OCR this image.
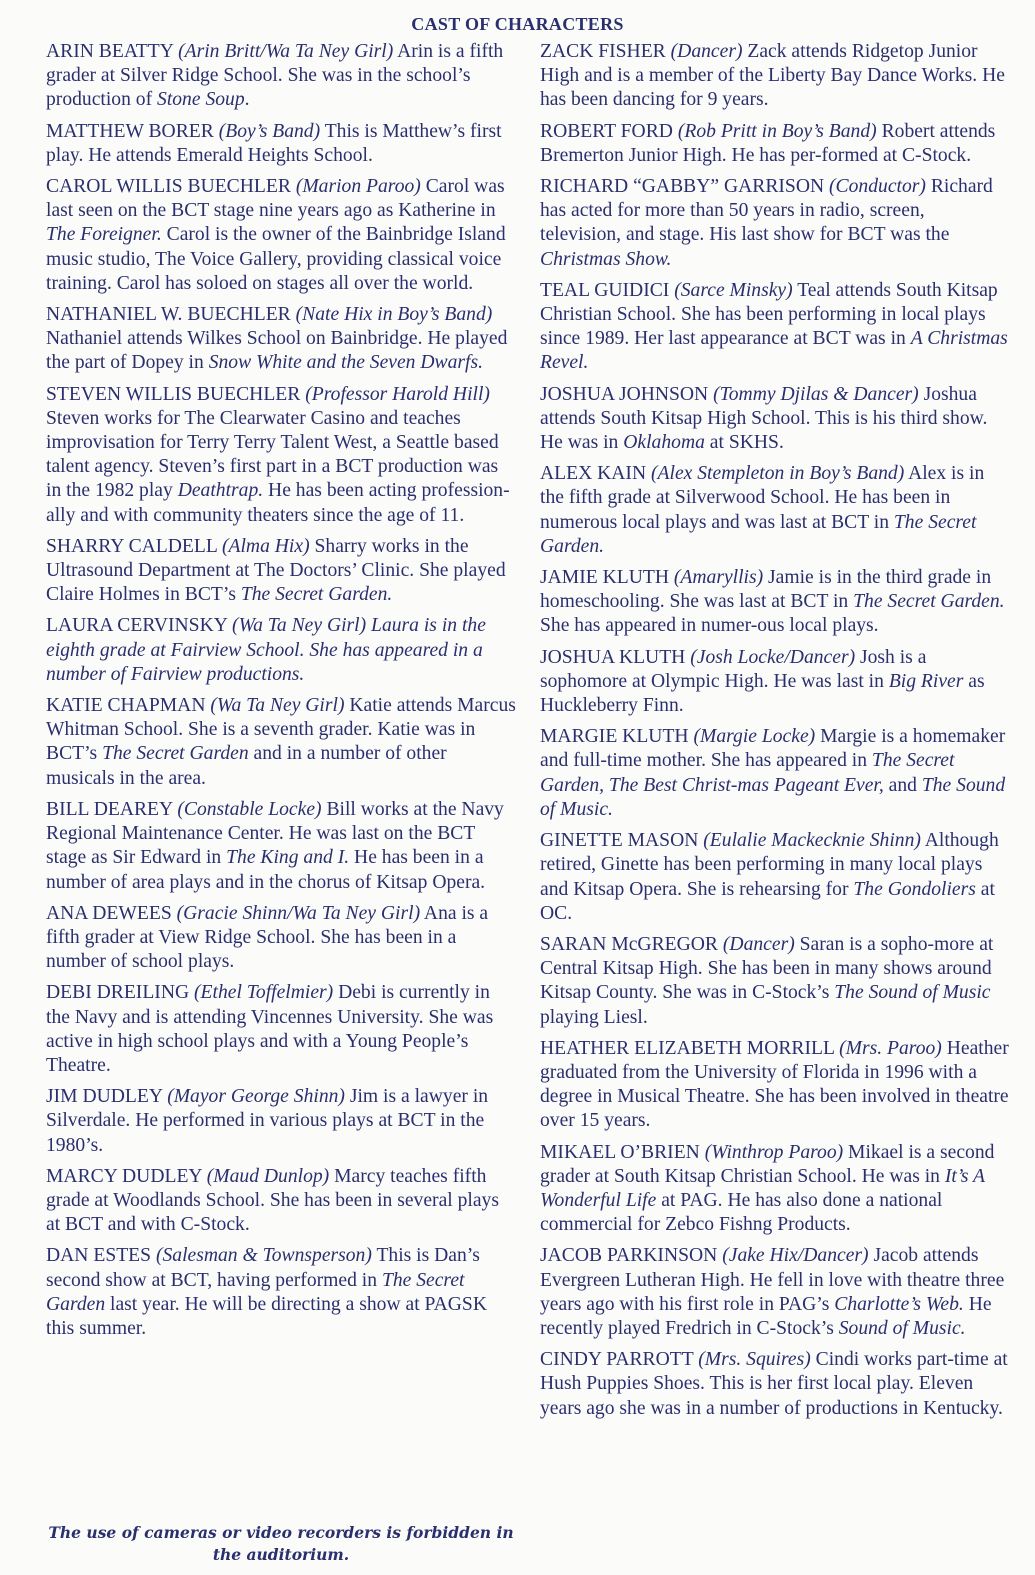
CAST OF CHARACTERS

ARIN BEATTY (Arin Britt/Wa Ta Ney Girl) Arin is a fifth grader at Silver Ridge School. She was in the school’s production of Stone Soup.

MATTHEW BORER (Boy’s Band) This is Matthew’s first play. He attends Emerald Heights School.

CAROL WILLIS BUECHLER (Marion Paroo) Carol was last seen on the BCT stage nine years ago as Katherine in The Foreigner. Carol is the owner of the Bainbridge Island music studio, The Voice Gallery, providing classical voice training. Carol has soloed on stages all over the world.

NATHANIEL W. BUECHLER (Nate Hix in Boy’s Band) Nathaniel attends Wilkes School on Bainbridge. He played the part of Dopey in Snow White and the Seven Dwarfs.

STEVEN WILLIS BUECHLER (Professor Harold Hill) Steven works for The Clearwater Casino and teaches improvisation for Terry Terry Talent West, a Seattle based talent agency. Steven’s first part in a BCT production was in the 1982 play Deathtrap. He has been acting profession-ally and with community theaters since the age of 11.

SHARRY CALDELL (Alma Hix) Sharry works in the Ultrasound Department at The Doctors’ Clinic. She played Claire Holmes in BCT’s The Secret Garden.

LAURA CERVINSKY (Wa Ta Ney Girl) Laura is in the eighth grade at Fairview School. She has appeared in a number of Fairview productions.

KATIE CHAPMAN (Wa Ta Ney Girl) Katie attends Marcus Whitman School. She is a seventh grader. Katie was in BCT’s The Secret Garden and in a number of other musicals in the area.

BILL DEAREY (Constable Locke) Bill works at the Navy Regional Maintenance Center. He was last on the BCT stage as Sir Edward in The King and I. He has been in a number of area plays and in the chorus of Kitsap Opera.

ANA DEWEES (Gracie Shinn/Wa Ta Ney Girl) Ana is a fifth grader at View Ridge School. She has been in a number of school plays.

DEBI DREILING (Ethel Toffelmier) Debi is currently in the Navy and is attending Vincennes University. She was active in high school plays and with a Young People’s Theatre.

JIM DUDLEY (Mayor George Shinn) Jim is a lawyer in Silverdale. He performed in various plays at BCT in the 1980’s.

MARCY DUDLEY (Maud Dunlop) Marcy teaches fifth grade at Woodlands School. She has been in several plays at BCT and with C-Stock.

DAN ESTES (Salesman & Townsperson) This is Dan’s second show at BCT, having performed in The Secret Garden last year. He will be directing a show at PAGSK this summer.

ZACK FISHER (Dancer) Zack attends Ridgetop Junior High and is a member of the Liberty Bay Dance Works. He has been dancing for 9 years.

ROBERT FORD (Rob Pritt in Boy’s Band) Robert attends Bremerton Junior High. He has per-formed at C-Stock.

RICHARD “GABBY” GARRISON (Conductor) Richard has acted for more than 50 years in radio, screen, television, and stage. His last show for BCT was the Christmas Show.

TEAL GUIDICI (Sarce Minsky) Teal attends South Kitsap Christian School. She has been performing in local plays since 1989. Her last appearance at BCT was in A Christmas Revel.

JOSHUA JOHNSON (Tommy Djilas & Dancer) Joshua attends South Kitsap High School. This is his third show. He was in Oklahoma at SKHS.

ALEX KAIN (Alex Stempleton in Boy’s Band) Alex is in the fifth grade at Silverwood School. He has been in numerous local plays and was last at BCT in The Secret Garden.

JAMIE KLUTH (Amaryllis) Jamie is in the third grade in homeschooling. She was last at BCT in The Secret Garden. She has appeared in numer-ous local plays.

JOSHUA KLUTH (Josh Locke/Dancer) Josh is a sophomore at Olympic High. He was last in Big River as Huckleberry Finn.

MARGIE KLUTH (Margie Locke) Margie is a homemaker and full-time mother. She has appeared in The Secret Garden, The Best Christ-mas Pageant Ever, and The Sound of Music.

GINETTE MASON (Eulalie Mackecknie Shinn) Although retired, Ginette has been performing in many local plays and Kitsap Opera. She is rehearsing for The Gondoliers at OC.

SARAN McGREGOR (Dancer) Saran is a sopho-more at Central Kitsap High. She has been in many shows around Kitsap County. She was in C-Stock’s The Sound of Music playing Liesl.

HEATHER ELIZABETH MORRILL (Mrs. Paroo) Heather graduated from the University of Florida in 1996 with a degree in Musical Theatre. She has been involved in theatre over 15 years.

MIKAEL O’BRIEN (Winthrop Paroo) Mikael is a second grader at South Kitsap Christian School. He was in It’s A Wonderful Life at PAG. He has also done a national commercial for Zebco Fishng Products.

JACOB PARKINSON (Jake Hix/Dancer) Jacob attends Evergreen Lutheran High. He fell in love with theatre three years ago with his first role in PAG’s Charlotte’s Web. He recently played Fredrich in C-Stock’s Sound of Music.

CINDY PARROTT (Mrs. Squires) Cindi works part-time at Hush Puppies Shoes. This is her first local play. Eleven years ago she was in a number of productions in Kentucky.

The use of cameras or video recorders is forbidden in the auditorium.
